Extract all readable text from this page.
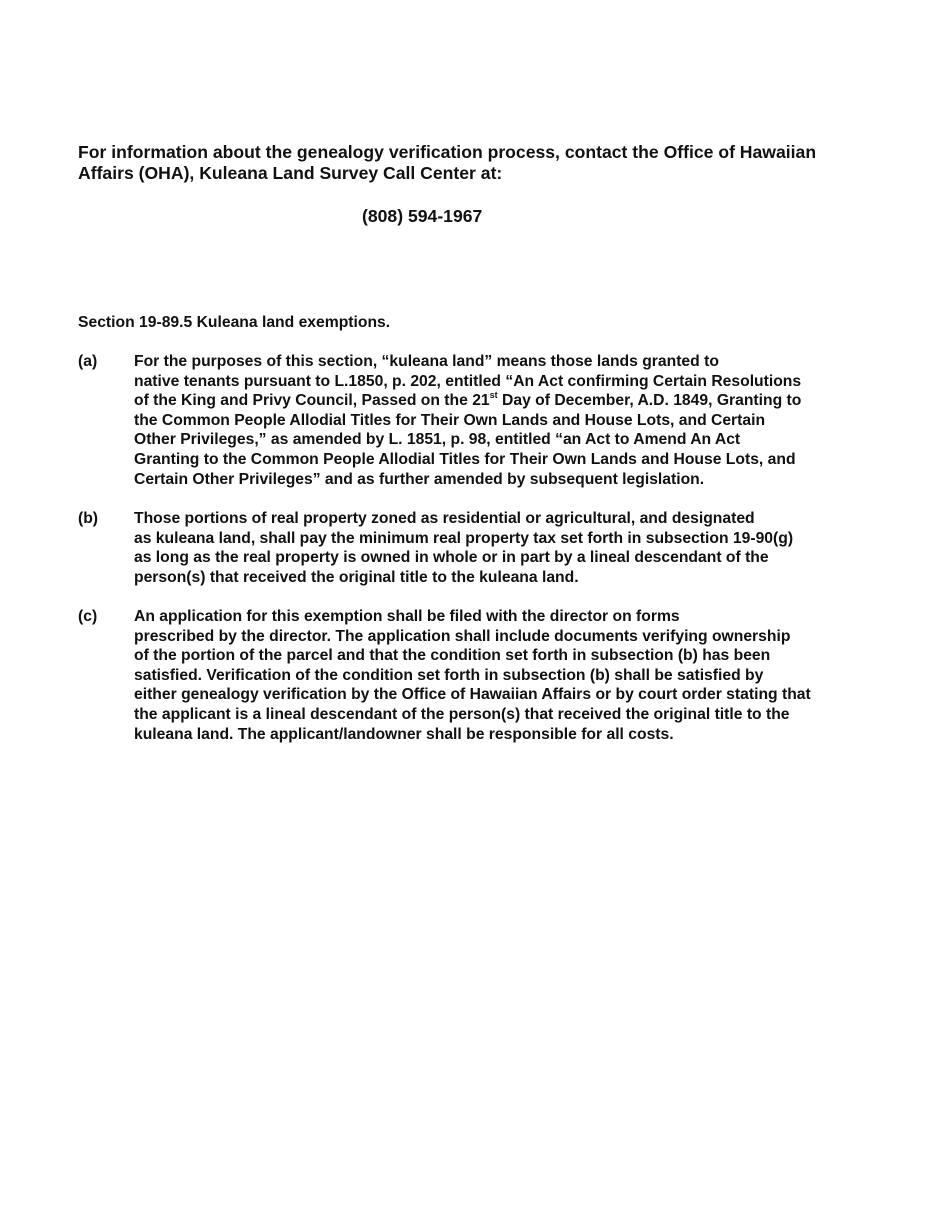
For information about the genealogy verification process, contact the Office of Hawaiian
Affairs (OHA), Kuleana Land Survey Call Center at:

(808) 594-1967

Section 19-89.5 Kuleana land exemptions.

(a) For the purposes of this section, “kuleana land” means those lands granted to
native tenants pursuant to L.1850, p. 202, entitled “An Act confirming Certain Resolutions
of the King and Privy Council, Passed on the 21st Day of December, A.D. 1849, Granting to
the Common People Allodial Titles for Their Own Lands and House Lots, and Certain
Other Privileges,” as amended by L. 1851, p. 98, entitled “an Act to Amend An Act
Granting to the Common People Allodial Titles for Their Own Lands and House Lots, and
Certain Other Privileges” and as further amended by subsequent legislation.
(b) Those portions of real property zoned as residential or agricultural, and designated
as kuleana land, shall pay the minimum real property tax set forth in subsection 19-90(g)
as long as the real property is owned in whole or in part by a lineal descendant of the
person(s) that received the original title to the kuleana land.
(c) An application for this exemption shall be filed with the director on forms
prescribed by the director. The application shall include documents verifying ownership
of the portion of the parcel and that the condition set forth in subsection (b) has been
satisfied. Verification of the condition set forth in subsection (b) shall be satisfied by
either genealogy verification by the Office of Hawaiian Affairs or by court order stating that
the applicant is a lineal descendant of the person(s) that received the original title to the
kuleana land. The applicant/landowner shall be responsible for all costs.
